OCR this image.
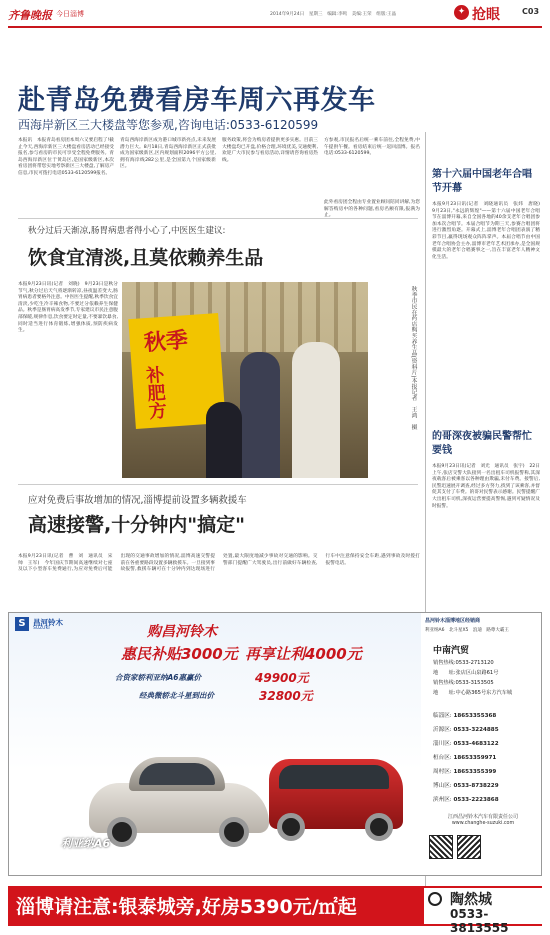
齐鲁晚报 今日淄博	2014年9月24日　星期三　编辑:李鸣　美编:王荣　组版:王晶	✦ 抢眼	C03
赴青岛免费看房车周六再发车
西海岸新区三大楼盘等您参观,咨询电话:0533-6120599
本报讯　本报青岛看房团本周六又要启程了!截止今天,西海岸新区三大楼盘看房活动已经接受报名,参与看房的市民可享受全程免费服务。青岛西海岸新区位于黄岛区,是国家级新区,本次看房团将带您实地考察新区三大楼盘,了解房产信息,市民可拨打电话0533-6120599报名。
青岛西海岸新区成为港口城市新亮点,未来发展潜力巨大。8月18日,青岛西海岸新区正式获批成为国家级新区,区内规划面积2096平方公里,拥有海岸线282公里,是全国第九个国家级新区。
服务政策,将会为购房者提供更多实惠。目前三大楼盘均已开盘,价格合理,环境优美,交通便利,欢迎广大市民参与看房活动,详情请咨询看房热线。
方参观,市民报名后统一乘车前往,全程免费,中午提供午餐。看房结束后统一返回淄博。报名电话:0533-6120599。
此外看房团全程由专业置业顾问陪同讲解,为您解答购房中的各种问题,看房名额有限,报满为止。
第十六届中国老年合唱节开幕
本报9月23日讯(记者　刘晓通讯员　张炜　唐晓)　9月23日,"永远的辉煌"——第十六届中国老年合唱节在淄博开幕,来自全国各地的40余支老年合唱团参加本次合唱节。本届合唱节为期三天,参赛合唱团将进行激烈角逐。开幕式上,淄博老年合唱团表演了精彩节目,赢得现场观众阵阵掌声。本届合唱节由中国老年合唱协会主办,淄博市老年艺术团承办,是全国规模最大的老年合唱赛事之一,旨在丰富老年人精神文化生活。
秋分过后天渐凉,肠胃病患者得小心了,中医医生建议:
饮食宜清淡,且莫依赖养生品
本报9月23日讯(记者　刘晓)　9月23日是秋分节气,秋分过后天气将逐渐转凉,昼夜温差变大,肠胃病患者要格外注意。中医医生提醒,秋季饮食宜清淡,少吃生冷辛辣食物,不要过分依赖养生保健品。秋季是肠胃病高发季节,专家建议市民注意腹部保暖,规律作息,饮食要定时定量,不要暴饮暴食,同时适当进行体育锻炼,增强体质,预防疾病发生。	秋季
补肥方	秋季市民在药店购买养生品(资料片)本报记者　王鸿　摄
的哥深夜被骗民警帮忙要钱
本报9月23日讯(记者　刘光　通讯员　张宇)　22日上午,张店交警大队接到一名出租车司机报警称,其深夜载客后被乘客以各种理由欺骗,未付车费。接警后,民警迅速展开调查,经过多方努力,找到了该乘客,并督促其支付了车费。的哥对民警表示感谢。民警提醒广大出租车司机,深夜运营要提高警惕,遇到可疑情况及时报警。
应对免费后事故增加的情况,淄博提前设置多辆救援车
高速接警,十分钟内"搞定"
本报9月23日讯(记者　曹　刘　通讯员　宋帅　王军)　今年国庆节期间高速继续对七座及以下小型客车免费通行,为应对免费后可能出现的交通事故增加的情况,淄博高速交警提前在各重要路段设置多辆救援车。一旦接到事故报警,救援车辆可在十分钟内到达现场进行处置,最大限度地减少事故对交通的影响。交警部门提醒广大驾驶员,出行前做好车辆检查,行车中注意保持安全车距,遇到事故及时拨打报警电话。
S 昌河铃木
SUZUKI	购昌河铃木
惠民补贴3000元 再享让利4000元
合资家轿利亚纳A6惠赢价	49900元
经典微轿北斗星到出价	32800元
利亚纳A6
利亚纳A6　北斗星X5　浪迪　路尊大霸王
昌河铃木淄博地区经销商
中南汽贸
销售热线:0533-2713120
地　　址:张店区山泉路61号
销售热线:0533-3153505
地　　址:中心路365号东方汽车城
临淄区: 18653355368
沂源区: 0533-3224885
淄川区: 0533-4683122
桓台区: 18653359971
周村区: 18653355399
博山区: 0533-8738229
滨州区: 0533-2223868
江西昌河铃木汽车有限责任公司
www.changhe-suzuki.com
淄博请注意:银泰城旁,好房5390元/㎡起	陶然城
0533-3813555
